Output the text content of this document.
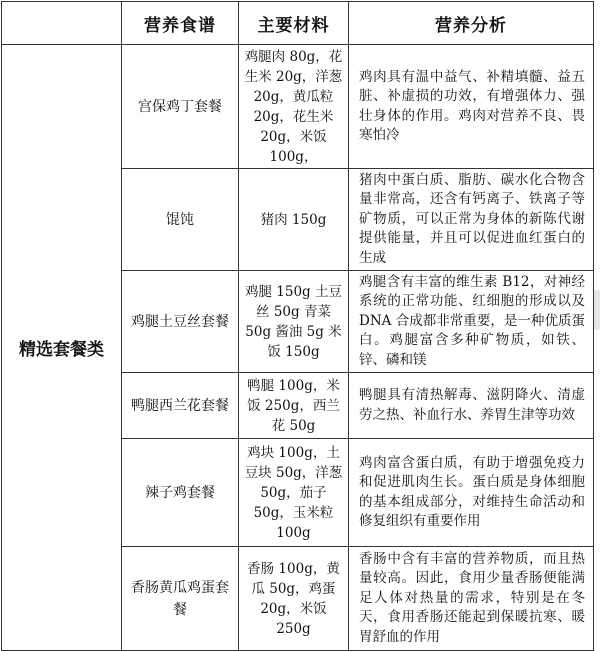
	营养食谱	主要材料	营养分析
精选套餐类	宫保鸡丁套餐	鸡腿肉 80g，花生米 20g，洋葱 20g，黄瓜粒 20g，花生米 20g，米饭 100g，	鸡肉具有温中益气、补精填髓、益五脏、补虚损的功效，有增强体力、强壮身体的作用。鸡肉对营养不良、畏寒怕冷
	馄饨	猪肉 150g	猪肉中蛋白质、脂肪、碳水化合物含量非常高，还含有钙离子、铁离子等矿物质，可以正常为身体的新陈代谢提供能量，并且可以促进血红蛋白的生成
	鸡腿土豆丝套餐	鸡腿 150g 土豆丝 50g 青菜 50g 酱油 5g 米饭 150g	鸡腿含有丰富的维生素 B12，对神经系统的正常功能、红细胞的形成以及 DNA 合成都非常重要，是一种优质蛋白。鸡腿富含多种矿物质，如铁、锌、磷和镁
	鸭腿西兰花套餐	鸭腿 100g，米饭 250g，西兰花 50g	鸭腿具有清热解毒、滋阴降火、清虚劳之热、补血行水、养胃生津等功效
	辣子鸡套餐	鸡块 100g，土豆块 50g，洋葱 50g，茄子 50g，玉米粒 100g	鸡肉富含蛋白质，有助于增强免疫力和促进肌肉生长。蛋白质是身体细胞的基本组成部分，对维持生命活动和修复组织有重要作用
	香肠黄瓜鸡蛋套餐	香肠 100g，黄瓜 50g，鸡蛋 20g，米饭 250g	香肠中含有丰富的营养物质，而且热量较高。因此，食用少量香肠便能满足人体对热量的需求，特别是在冬天，食用香肠还能起到保暖抗寒、暖胃舒血的作用
